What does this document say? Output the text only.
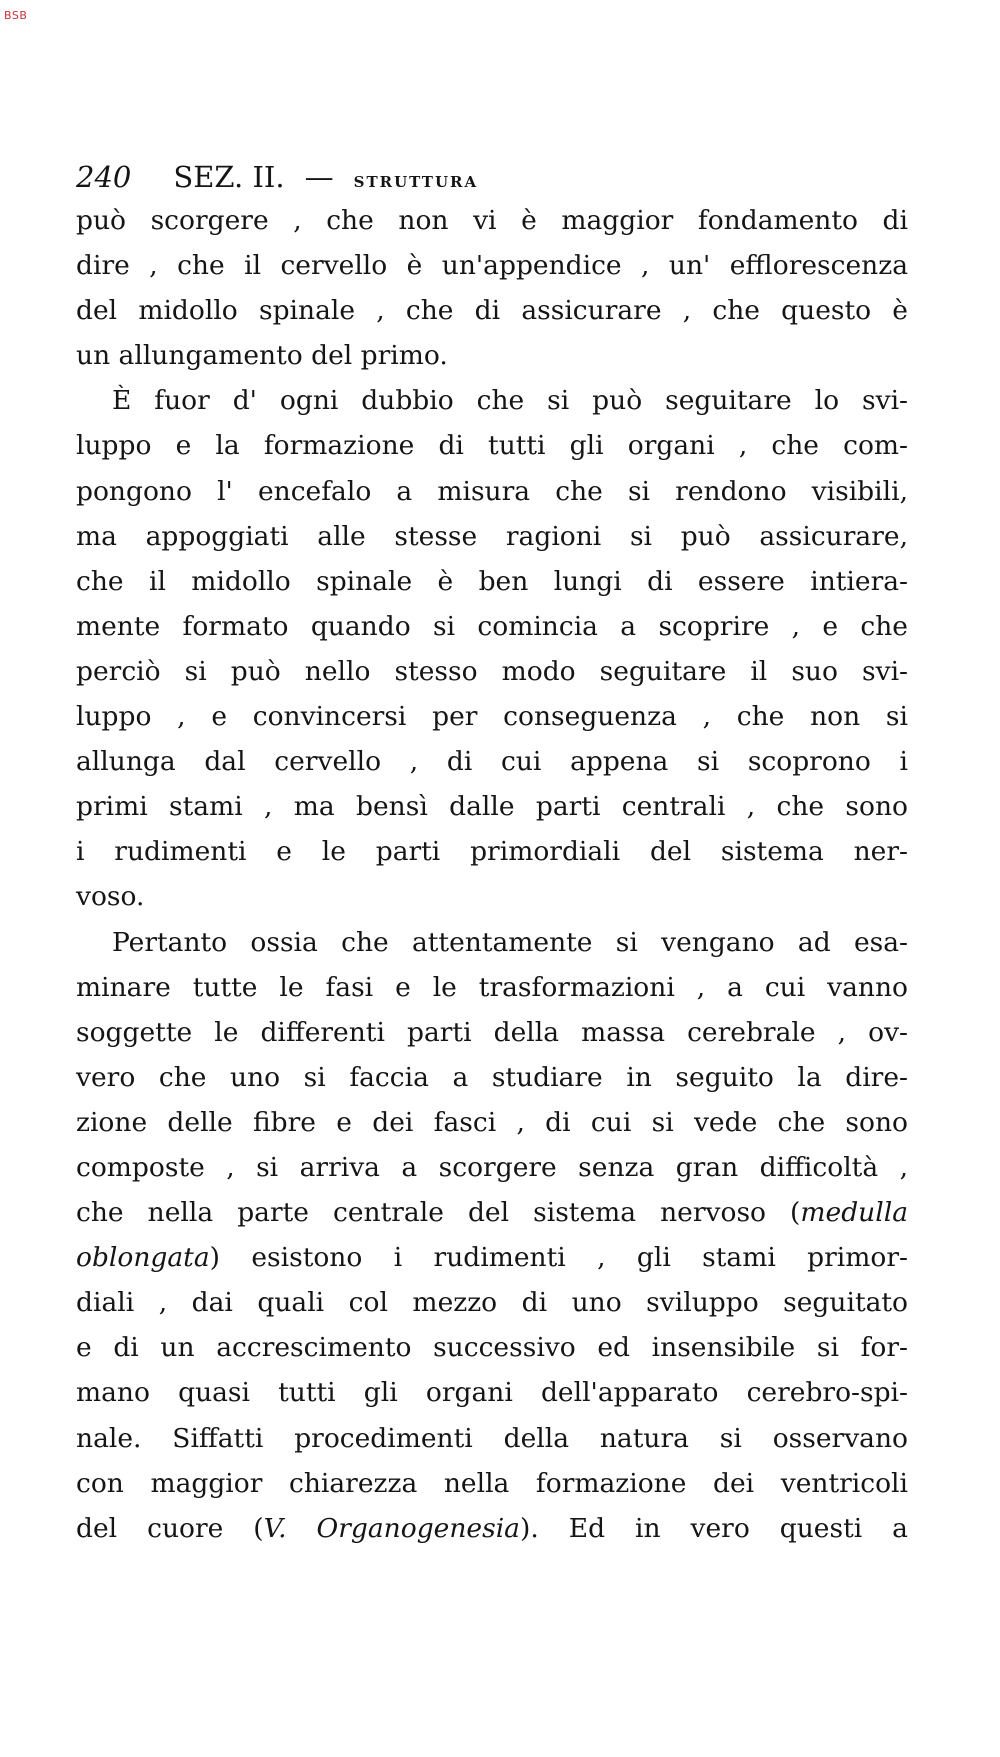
BSB
240 SEZ. II. — STRUTTURA
può scorgere , che non vi è maggior fondamento di
dire , che il cervello è un'appendice , un' efflorescenza
del midollo spinale , che di assicurare , che questo è
un allungamento del primo.
È fuor d' ogni dubbio che si può seguitare lo svi-
luppo e la formazione di tutti gli organi , che com-
pongono l' encefalo a misura che si rendono visibili,
ma appoggiati alle stesse ragioni si può assicurare,
che il midollo spinale è ben lungi di essere intiera-
mente formato quando si comincia a scoprire , e che
perciò si può nello stesso modo seguitare il suo svi-
luppo , e convincersi per conseguenza , che non si
allunga dal cervello , di cui appena si scoprono i
primi stami , ma bensì dalle parti centrali , che sono
i rudimenti e le parti primordiali del sistema ner-
voso.
Pertanto ossia che attentamente si vengano ad esa-
minare tutte le fasi e le trasformazioni , a cui vanno
soggette le differenti parti della massa cerebrale , ov-
vero che uno si faccia a studiare in seguito la dire-
zione delle fibre e dei fasci , di cui si vede che sono
composte , si arriva a scorgere senza gran difficoltà ,
che nella parte centrale del sistema nervoso (medulla
oblongata) esistono i rudimenti , gli stami primor-
diali , dai quali col mezzo di uno sviluppo seguitato
e di un accrescimento successivo ed insensibile si for-
mano quasi tutti gli organi dell'apparato cerebro-spi-
nale. Siffatti procedimenti della natura si osservano
con maggior chiarezza nella formazione dei ventricoli
del cuore (V. Organogenesia). Ed in vero questi a
